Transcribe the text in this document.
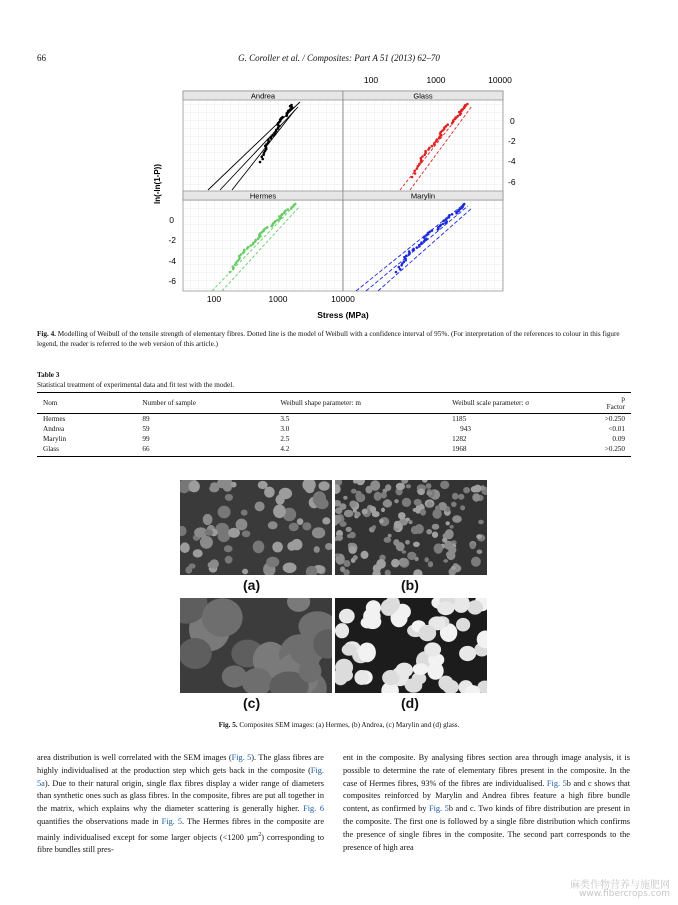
66	G. Coroller et al. / Composites: Part A 51 (2013) 62–70
100	1000	10000
Andrea	Glass
Hermes	Marylin
0
-2
-4
-6
0
-2
-4
-6
ln(-ln(1-P))
100	1000	10000
Stress (MPa)
Fig. 4. Modelling of Weibull of the tensile strength of elementary fibres. Dotted line is the model of Weibull with a confidence interval of 95%. (For interpretation of the references to colour in this figure legend, the reader is referred to the web version of this article.)
Table 3
Statistical treatment of experimental data and fit test with the model.
Nom	Number of sample	Weibull shape parameter: m	Weibull scale parameter: σ	p Factor
Hermes	89	3.5	1185	>0.250
Andrea	59	3.0	943	<0.01
Marylin	99	2.5	1282	0.09
Glass	66	4.2	1968	>0.250
(a)	(b)
(c)	(d)
Fig. 5. Composites SEM images: (a) Hermes, (b) Andrea, (c) Marylin and (d) glass.
area distribution is well correlated with the SEM images (Fig. 5). The glass fibres are highly individualised at the production step which gets back in the composite (Fig. 5a). Due to their natural origin, single flax fibres display a wider range of diameters than synthetic ones such as glass fibres. In the composite, fibres are put all together in the matrix, which explains why the diameter scattering is generally higher. Fig. 6 quantifies the observations made in Fig. 5. The Hermes fibres in the composite are mainly individualised except for some larger objects (<1200 µm$^2$) corresponding to fibre bundles still pres-
ent in the composite. By analysing fibres section area through image analysis, it is possible to determine the rate of elementary fibres present in the composite. In the case of Hermes fibres, 93% of the fibres are individualised. Fig. 5b and c shows that composites reinforced by Marylin and Andrea fibres feature a high fibre bundle content, as confirmed by Fig. 5b and c. Two kinds of fibre distribution are present in the composite. The first one is followed by a single fibre distribution which confirms the presence of single fibres in the composite. The second part corresponds to the presence of high area
麻类作物营养与施肥网
www.fibercrops.com
